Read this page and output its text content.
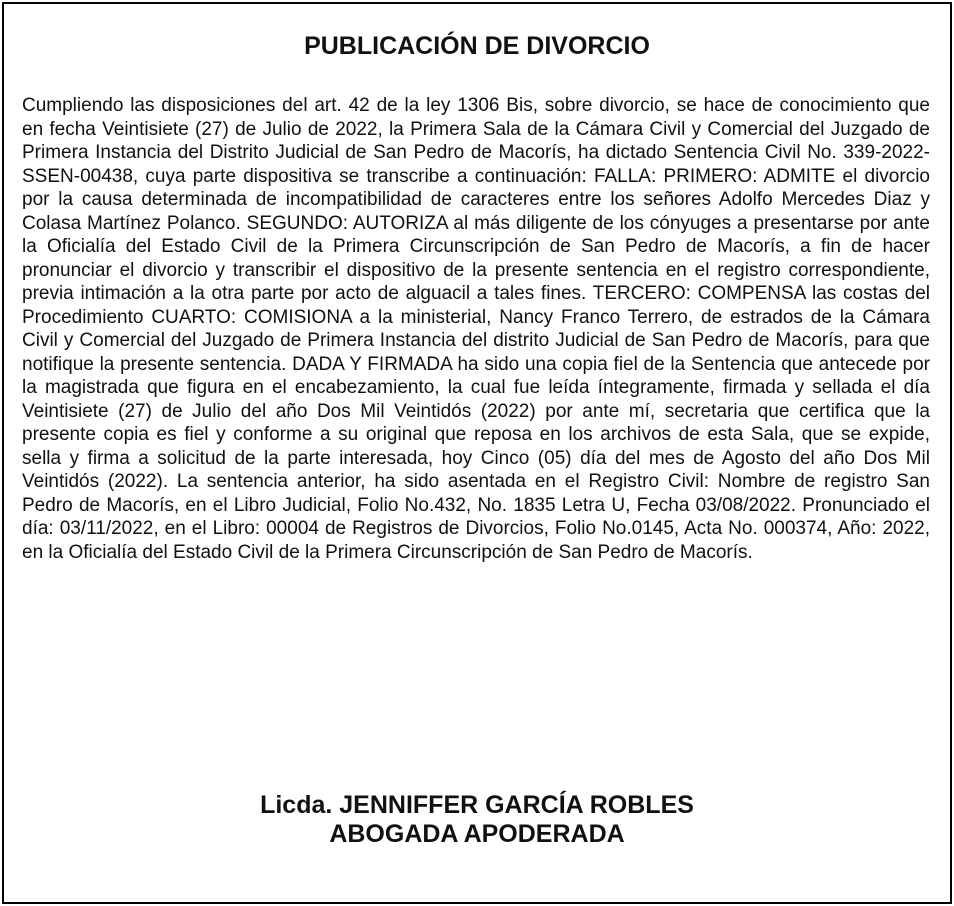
PUBLICACIÓN DE DIVORCIO

Cumpliendo las disposiciones del art. 42 de la ley 1306 Bis, sobre divorcio, se hace de conocimiento que en fecha Veintisiete (27) de Julio de 2022, la Primera Sala de la Cámara Civil y Comercial del Juzgado de Primera Instancia del Distrito Judicial de San Pedro de Macorís, ha dictado Sentencia Civil No. 339-2022-SSEN-00438, cuya parte dispositiva se transcribe a continuación: FALLA: PRIMERO: ADMITE el divorcio por la causa determinada de incompatibilidad de caracteres entre los señores Adolfo Mercedes Diaz y Colasa Martínez Polanco. SEGUNDO: AUTORIZA al más diligente de los cónyuges a presentarse por ante la Oficialía del Estado Civil de la Primera Circunscripción de San Pedro de Macorís, a fin de hacer pronunciar el divorcio y transcribir el dispositivo de la presente sentencia en el registro correspondiente, previa intimación a la otra parte por acto de alguacil a tales fines. TERCERO: COMPENSA las costas del Procedimiento CUARTO: COMISIONA a la ministerial, Nancy Franco Terrero, de estrados de la Cámara Civil y Comercial del Juzgado de Primera Instancia del distrito Judicial de San Pedro de Macorís, para que notifique la presente sentencia. DADA Y FIRMADA ha sido una copia fiel de la Sentencia que antecede por la magistrada que figura en el encabezamiento, la cual fue leída íntegramente, firmada y sellada el día Veintisiete (27) de Julio del año Dos Mil Veintidós (2022) por ante mí, secretaria que certifica que la presente copia es fiel y conforme a su original que reposa en los archivos de esta Sala, que se expide, sella y firma a solicitud de la parte interesada, hoy Cinco (05) día del mes de Agosto del año Dos Mil Veintidós (2022). La sentencia anterior, ha sido asentada en el Registro Civil: Nombre de registro San Pedro de Macorís, en el Libro Judicial, Folio No.432, No. 1835 Letra U, Fecha 03/08/2022. Pronunciado el día: 03/11/2022, en el Libro: 00004 de Registros de Divorcios, Folio No.0145, Acta No. 000374, Año: 2022, en la Oficialía del Estado Civil de la Primera Circunscripción de San Pedro de Macorís.

Licda. JENNIFFER GARCÍA ROBLES
ABOGADA APODERADA
